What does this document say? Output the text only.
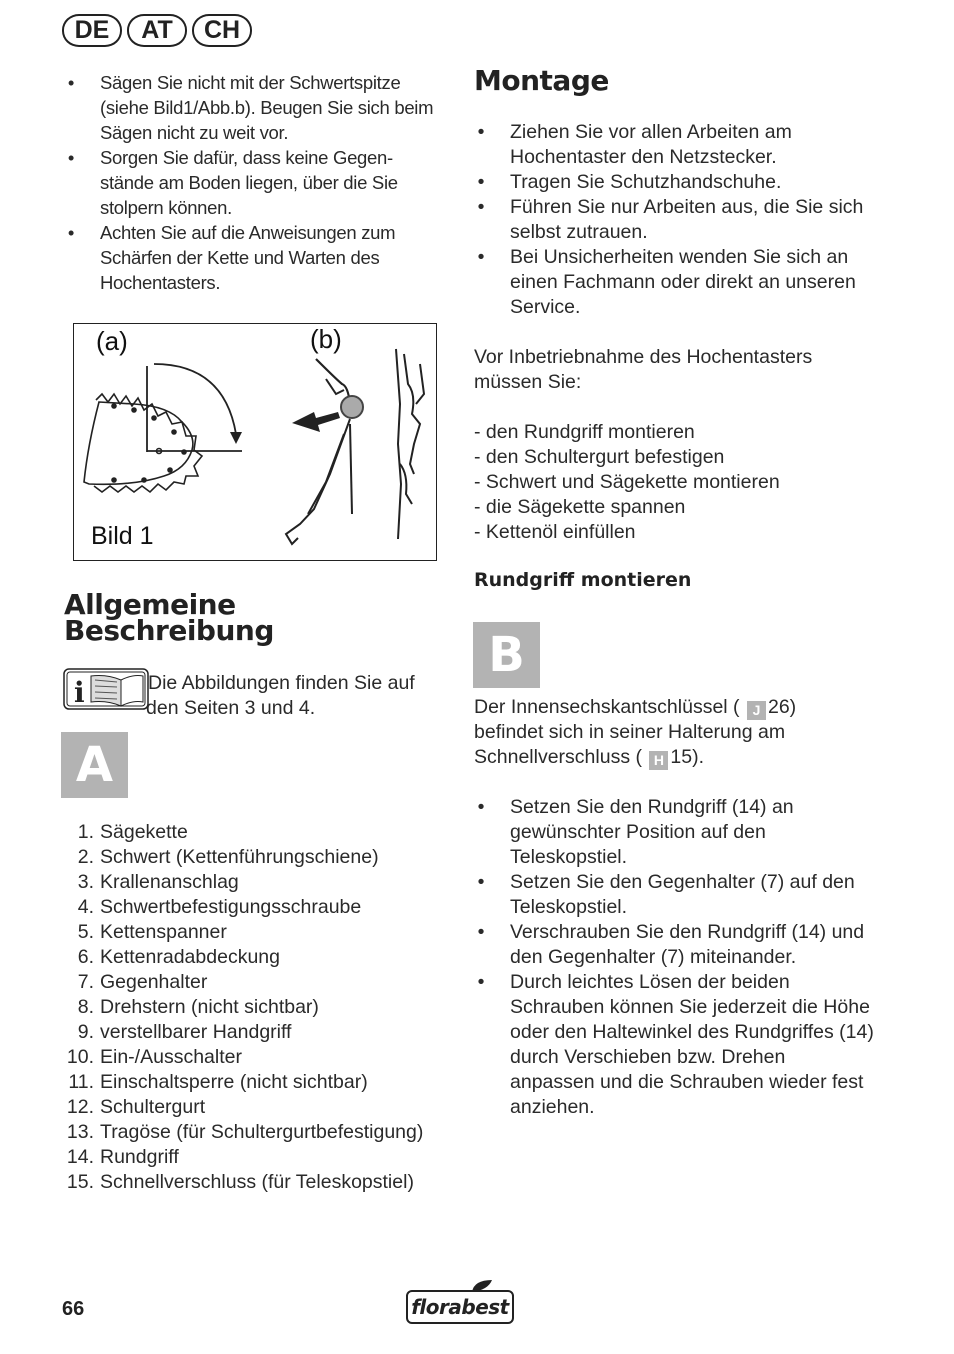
DE	AT	CH
• Sägen Sie nicht mit der Schwertspitze (siehe Bild1/Abb.b). Beugen Sie sich beim Sägen nicht zu weit vor.
• Sorgen Sie dafür, dass keine Gegen-stände am Boden liegen, über die Sie stolpern können.
• Achten Sie auf die Anweisungen zum Schärfen der Kette und Warten des Hochentasters.
(a)	(b)
Bild 1
Allgemeine
Beschreibung
i	Die Abbildungen finden Sie auf
den Seiten 3 und 4.
A
1. Sägekette
2. Schwert (Kettenführungschiene)
3. Krallenanschlag
4. Schwertbefestigungsschraube
5. Kettenspanner
6. Kettenradabdeckung
7. Gegenhalter
8. Drehstern (nicht sichtbar)
9. verstellbarer Handgriff
10. Ein-/Ausschalter
11. Einschaltsperre (nicht sichtbar)
12. Schultergurt
13. Tragöse (für Schultergurtbefestigung)
14. Rundgriff
15. Schnellverschluss (für Teleskopstiel)
Montage
• Ziehen Sie vor allen Arbeiten am Hochentaster den Netzstecker.
• Tragen Sie Schutzhandschuhe.
• Führen Sie nur Arbeiten aus, die Sie sich selbst zutrauen.
• Bei Unsicherheiten wenden Sie sich an einen Fachmann oder direkt an unseren Service.
Vor Inbetriebnahme des Hochentasters
müssen Sie:
- den Rundgriff montieren
- den Schultergurt befestigen
- Schwert und Sägekette montieren
- die Sägekette spannen
- Kettenöl einfüllen
Rundgriff montieren
B
Der Innensechskantschlüssel ( J 26)
befindet sich in seiner Halterung am
Schnellverschluss ( H 15).
• Setzen Sie den Rundgriff (14) an gewünschter Position auf den Teleskopstiel.
• Setzen Sie den Gegenhalter (7) auf den Teleskopstiel.
• Verschrauben Sie den Rundgriff (14) und den Gegenhalter (7) miteinander.
• Durch leichtes Lösen der beiden Schrauben können Sie jederzeit die Höhe oder den Haltewinkel des Rundgriffes (14) durch Verschieben bzw. Drehen anpassen und die Schrauben wieder fest anziehen.
66	florabest
